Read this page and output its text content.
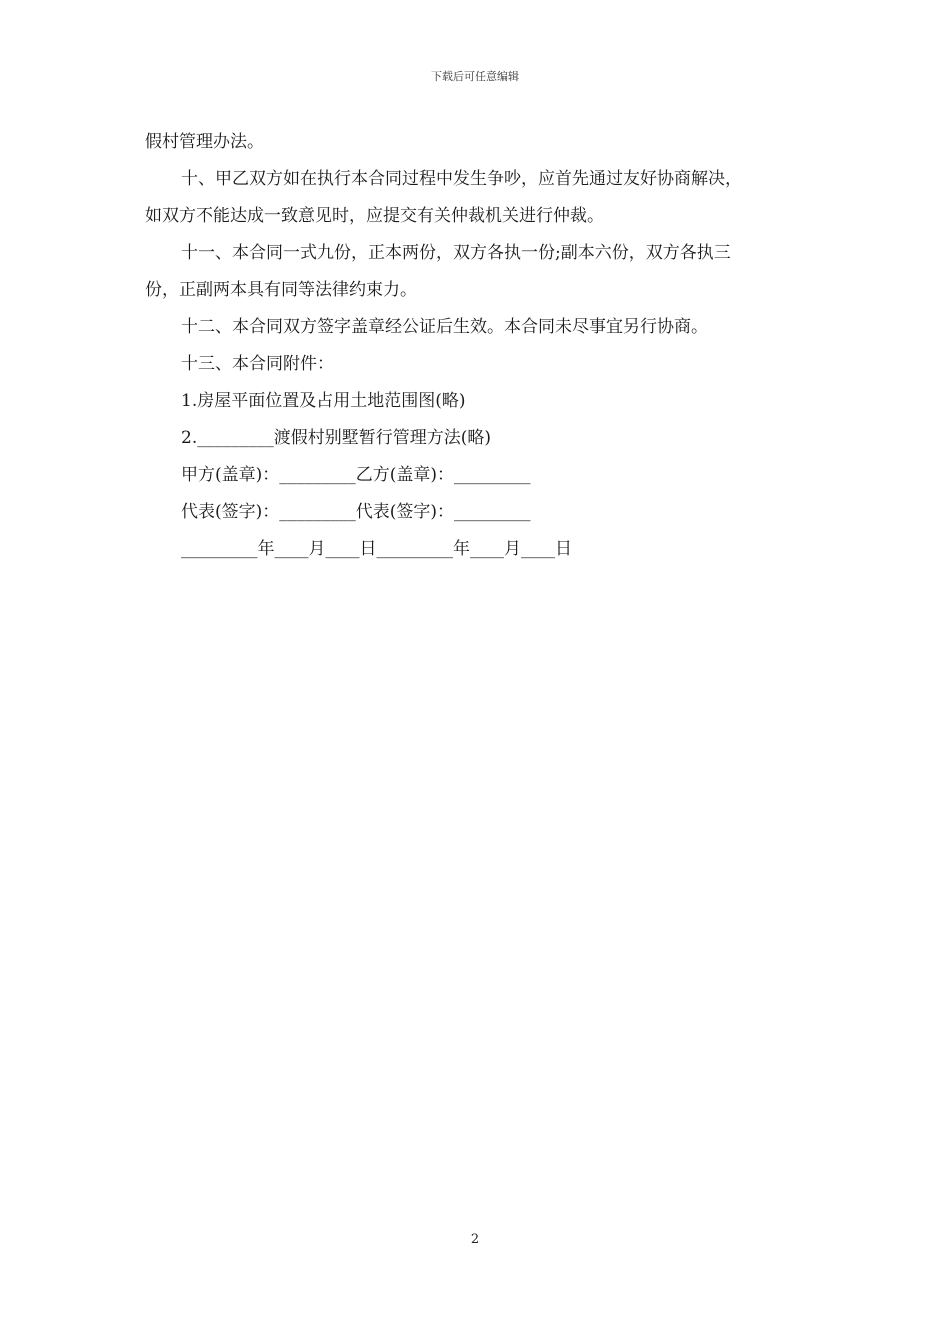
下载后可任意编辑

假村管理办法。

十、甲乙双方如在执行本合同过程中发生争吵，应首先通过友好协商解决，

如双方不能达成一致意见时，应提交有关仲裁机关进行仲裁。

十一、本合同一式九份，正本两份，双方各执一份;副本六份，双方各执三

份，正副两本具有同等法律约束力。

十二、本合同双方签字盖章经公证后生效。本合同未尽事宜另行协商。

十三、本合同附件：

1.房屋平面位置及占用土地范围图(略)

2._________渡假村别墅暂行管理方法(略)

甲方(盖章)：_________乙方(盖章)：_________

代表(签字)：_________代表(签字)：_________

_________年____月____日_________年____月____日

2
